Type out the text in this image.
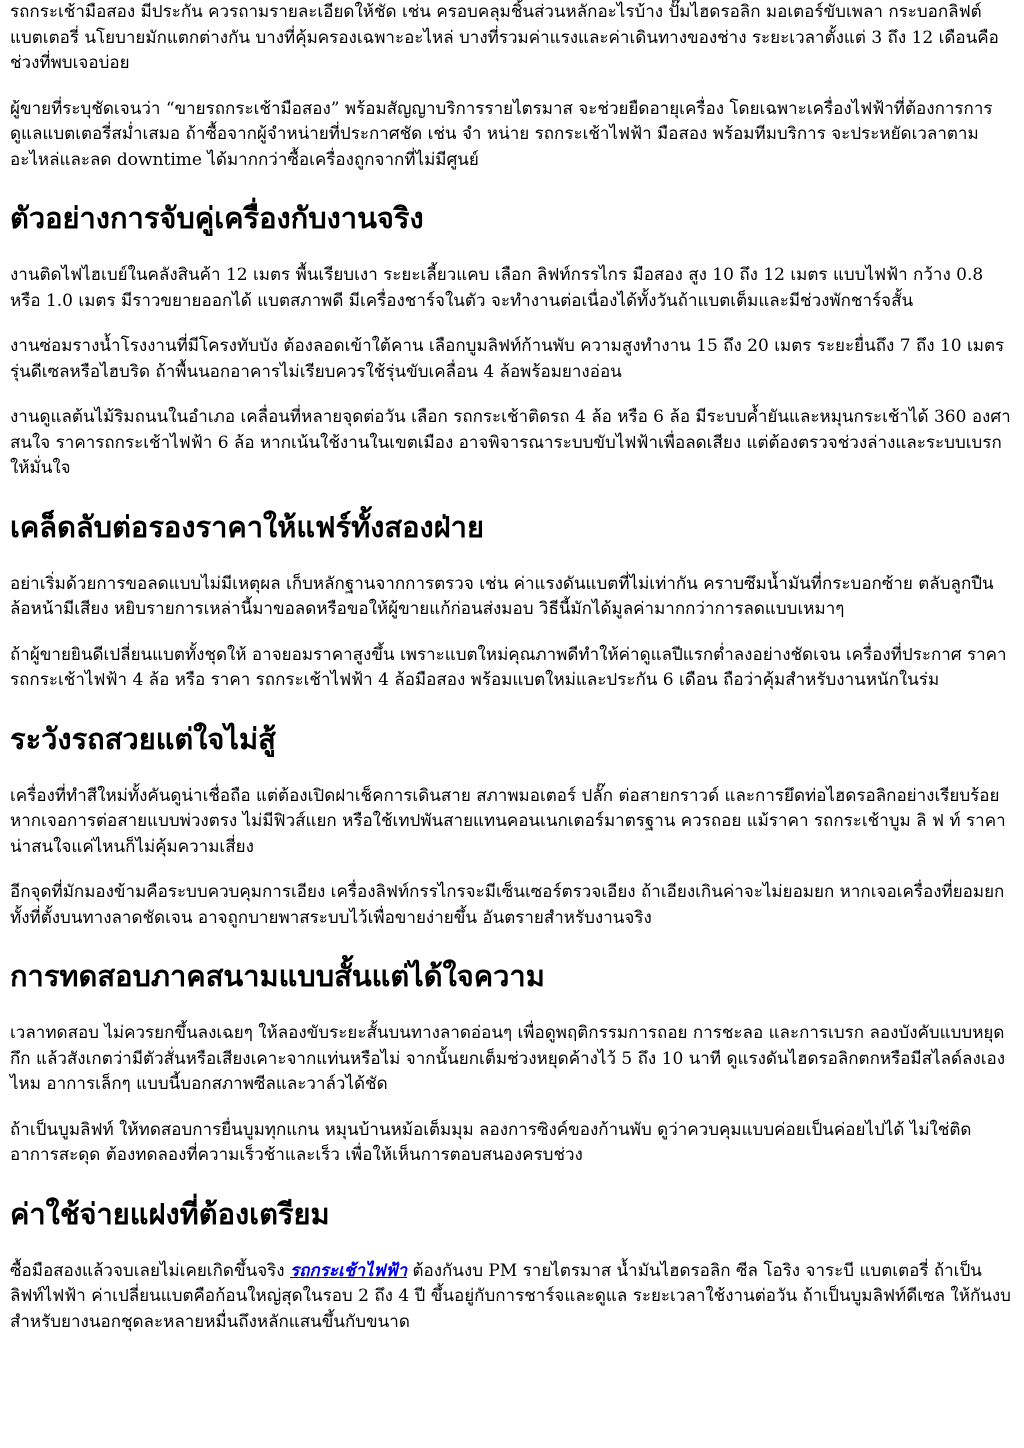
รถกระเช้ามือสอง มีประกัน ควรถามรายละเอียดให้ชัด เช่น ครอบคลุมชิ้นส่วนหลักอะไรบ้าง ปั๊มไฮดรอลิก มอเตอร์ขับเพลา กระบอกลิฟต์ แบตเตอรี่ นโยบายมักแตกต่างกัน บางที่คุ้มครองเฉพาะอะไหล่ บางที่รวมค่าแรงและค่าเดินทางของช่าง ระยะเวลาตั้งแต่ 3 ถึง 12 เดือนคือช่วงที่พบเจอบ่อย

ผู้ขายที่ระบุชัดเจนว่า “ขายรถกระเช้ามือสอง” พร้อมสัญญาบริการรายไตรมาส จะช่วยยืดอายุเครื่อง โดยเฉพาะเครื่องไฟฟ้าที่ต้องการการดูแลแบตเตอรี่สม่ำเสมอ ถ้าซื้อจากผู้จำหน่ายที่ประกาศชัด เช่น จำ หน่าย รถกระเช้าไฟฟ้า มือสอง พร้อมทีมบริการ จะประหยัดเวลาตามอะไหล่และลด downtime ได้มากกว่าซื้อเครื่องถูกจากที่ไม่มีศูนย์

ตัวอย่างการจับคู่เครื่องกับงานจริง

งานติดไฟไฮเบย์ในคลังสินค้า 12 เมตร พื้นเรียบเงา ระยะเลี้ยวแคบ เลือก ลิฟท์กรรไกร มือสอง สูง 10 ถึง 12 เมตร แบบไฟฟ้า กว้าง 0.8 หรือ 1.0 เมตร มีราวขยายออกได้ แบตสภาพดี มีเครื่องชาร์จในตัว จะทำงานต่อเนื่องได้ทั้งวันถ้าแบตเต็มและมีช่วงพักชาร์จสั้น

งานซ่อมรางน้ำโรงงานที่มีโครงทับบัง ต้องลอดเข้าใต้คาน เลือกบูมลิฟท์ก้านพับ ความสูงทำงาน 15 ถึง 20 เมตร ระยะยื่นถึง 7 ถึง 10 เมตร รุ่นดีเซลหรือไฮบริด ถ้าพื้นนอกอาคารไม่เรียบควรใช้รุ่นขับเคลื่อน 4 ล้อพร้อมยางอ่อน

งานดูแลต้นไม้ริมถนนในอำเภอ เคลื่อนที่หลายจุดต่อวัน เลือก รถกระเช้าติดรถ 4 ล้อ หรือ 6 ล้อ มีระบบค้ำยันและหมุนกระเช้าได้ 360 องศา สนใจ ราคารถกระเช้าไฟฟ้า 6 ล้อ หากเน้นใช้งานในเขตเมือง อาจพิจารณาระบบขับไฟฟ้าเพื่อลดเสียง แต่ต้องตรวจช่วงล่างและระบบเบรกให้มั่นใจ

เคล็ดลับต่อรองราคาให้แฟร์ทั้งสองฝ่าย

อย่าเริ่มด้วยการขอลดแบบไม่มีเหตุผล เก็บหลักฐานจากการตรวจ เช่น ค่าแรงดันแบตที่ไม่เท่ากัน คราบซึมน้ำมันที่กระบอกซ้าย ตลับลูกปืนล้อหน้ามีเสียง หยิบรายการเหล่านี้มาขอลดหรือขอให้ผู้ขายแก้ก่อนส่งมอบ วิธีนี้มักได้มูลค่ามากกว่าการลดแบบเหมาๆ

ถ้าผู้ขายยินดีเปลี่ยนแบตทั้งชุดให้ อาจยอมราคาสูงขึ้น เพราะแบตใหม่คุณภาพดีทำให้ค่าดูแลปีแรกต่ำลงอย่างชัดเจน เครื่องที่ประกาศ ราคา รถกระเช้าไฟฟ้า 4 ล้อ หรือ ราคา รถกระเช้าไฟฟ้า 4 ล้อมือสอง พร้อมแบตใหม่และประกัน 6 เดือน ถือว่าคุ้มสำหรับงานหนักในร่ม

ระวังรถสวยแต่ใจไม่สู้

เครื่องที่ทำสีใหม่ทั้งคันดูน่าเชื่อถือ แต่ต้องเปิดฝาเช็คการเดินสาย สภาพมอเตอร์ ปลั๊ก ต่อสายกราวด์ และการยึดท่อไฮดรอลิกอย่างเรียบร้อย หากเจอการต่อสายแบบพ่วงตรง ไม่มีฟิวส์แยก หรือใช้เทปพันสายแทนคอนเนกเตอร์มาตรฐาน ควรถอย แม้ราคา รถกระเช้าบูม ลิ ฟ ท์ ราคา น่าสนใจแค่ไหนก็ไม่คุ้มความเสี่ยง

อีกจุดที่มักมองข้ามคือระบบควบคุมการเอียง เครื่องลิฟท์กรรไกรจะมีเซ็นเซอร์ตรวจเอียง ถ้าเอียงเกินค่าจะไม่ยอมยก หากเจอเครื่องที่ยอมยกทั้งที่ตั้งบนทางลาดชัดเจน อาจถูกบายพาสระบบไว้เพื่อขายง่ายขึ้น อันตรายสำหรับงานจริง

การทดสอบภาคสนามแบบสั้นแต่ได้ใจความ

เวลาทดสอบ ไม่ควรยกขึ้นลงเฉยๆ ให้ลองขับระยะสั้นบนทางลาดอ่อนๆ เพื่อดูพฤติกรรมการถอย การชะลอ และการเบรก ลองบังคับแบบหยุดกึก แล้วสังเกตว่ามีตัวสั่นหรือเสียงเคาะจากแท่นหรือไม่ จากนั้นยกเต็มช่วงหยุดค้างไว้ 5 ถึง 10 นาที ดูแรงดันไฮดรอลิกตกหรือมีสไลด์ลงเองไหม อาการเล็กๆ แบบนี้บอกสภาพซีลและวาล์วได้ชัด

ถ้าเป็นบูมลิฟท์ ให้ทดสอบการยื่นบูมทุกแกน หมุนบ้านหม้อเต็มมุม ลองการซิงค์ของก้านพับ ดูว่าควบคุมแบบค่อยเป็นค่อยไปได้ ไม่ใช่ติดอาการสะดุด ต้องทดลองที่ความเร็วช้าและเร็ว เพื่อให้เห็นการตอบสนองครบช่วง

ค่าใช้จ่ายแฝงที่ต้องเตรียม

ซื้อมือสองแล้วจบเลยไม่เคยเกิดขึ้นจริง รถกระเช้าไฟฟ้า ต้องกันงบ PM รายไตรมาส น้ำมันไฮดรอลิก ซีล โอริง จาระบี แบตเตอรี่ ถ้าเป็นลิฟท์ไฟฟ้า ค่าเปลี่ยนแบตคือก้อนใหญ่สุดในรอบ 2 ถึง 4 ปี ขึ้นอยู่กับการชาร์จและดูแล ระยะเวลาใช้งานต่อวัน ถ้าเป็นบูมลิฟท์ดีเซล ให้กันงบสำหรับยางนอกชุดละหลายหมื่นถึงหลักแสนขึ้นกับขนาด
